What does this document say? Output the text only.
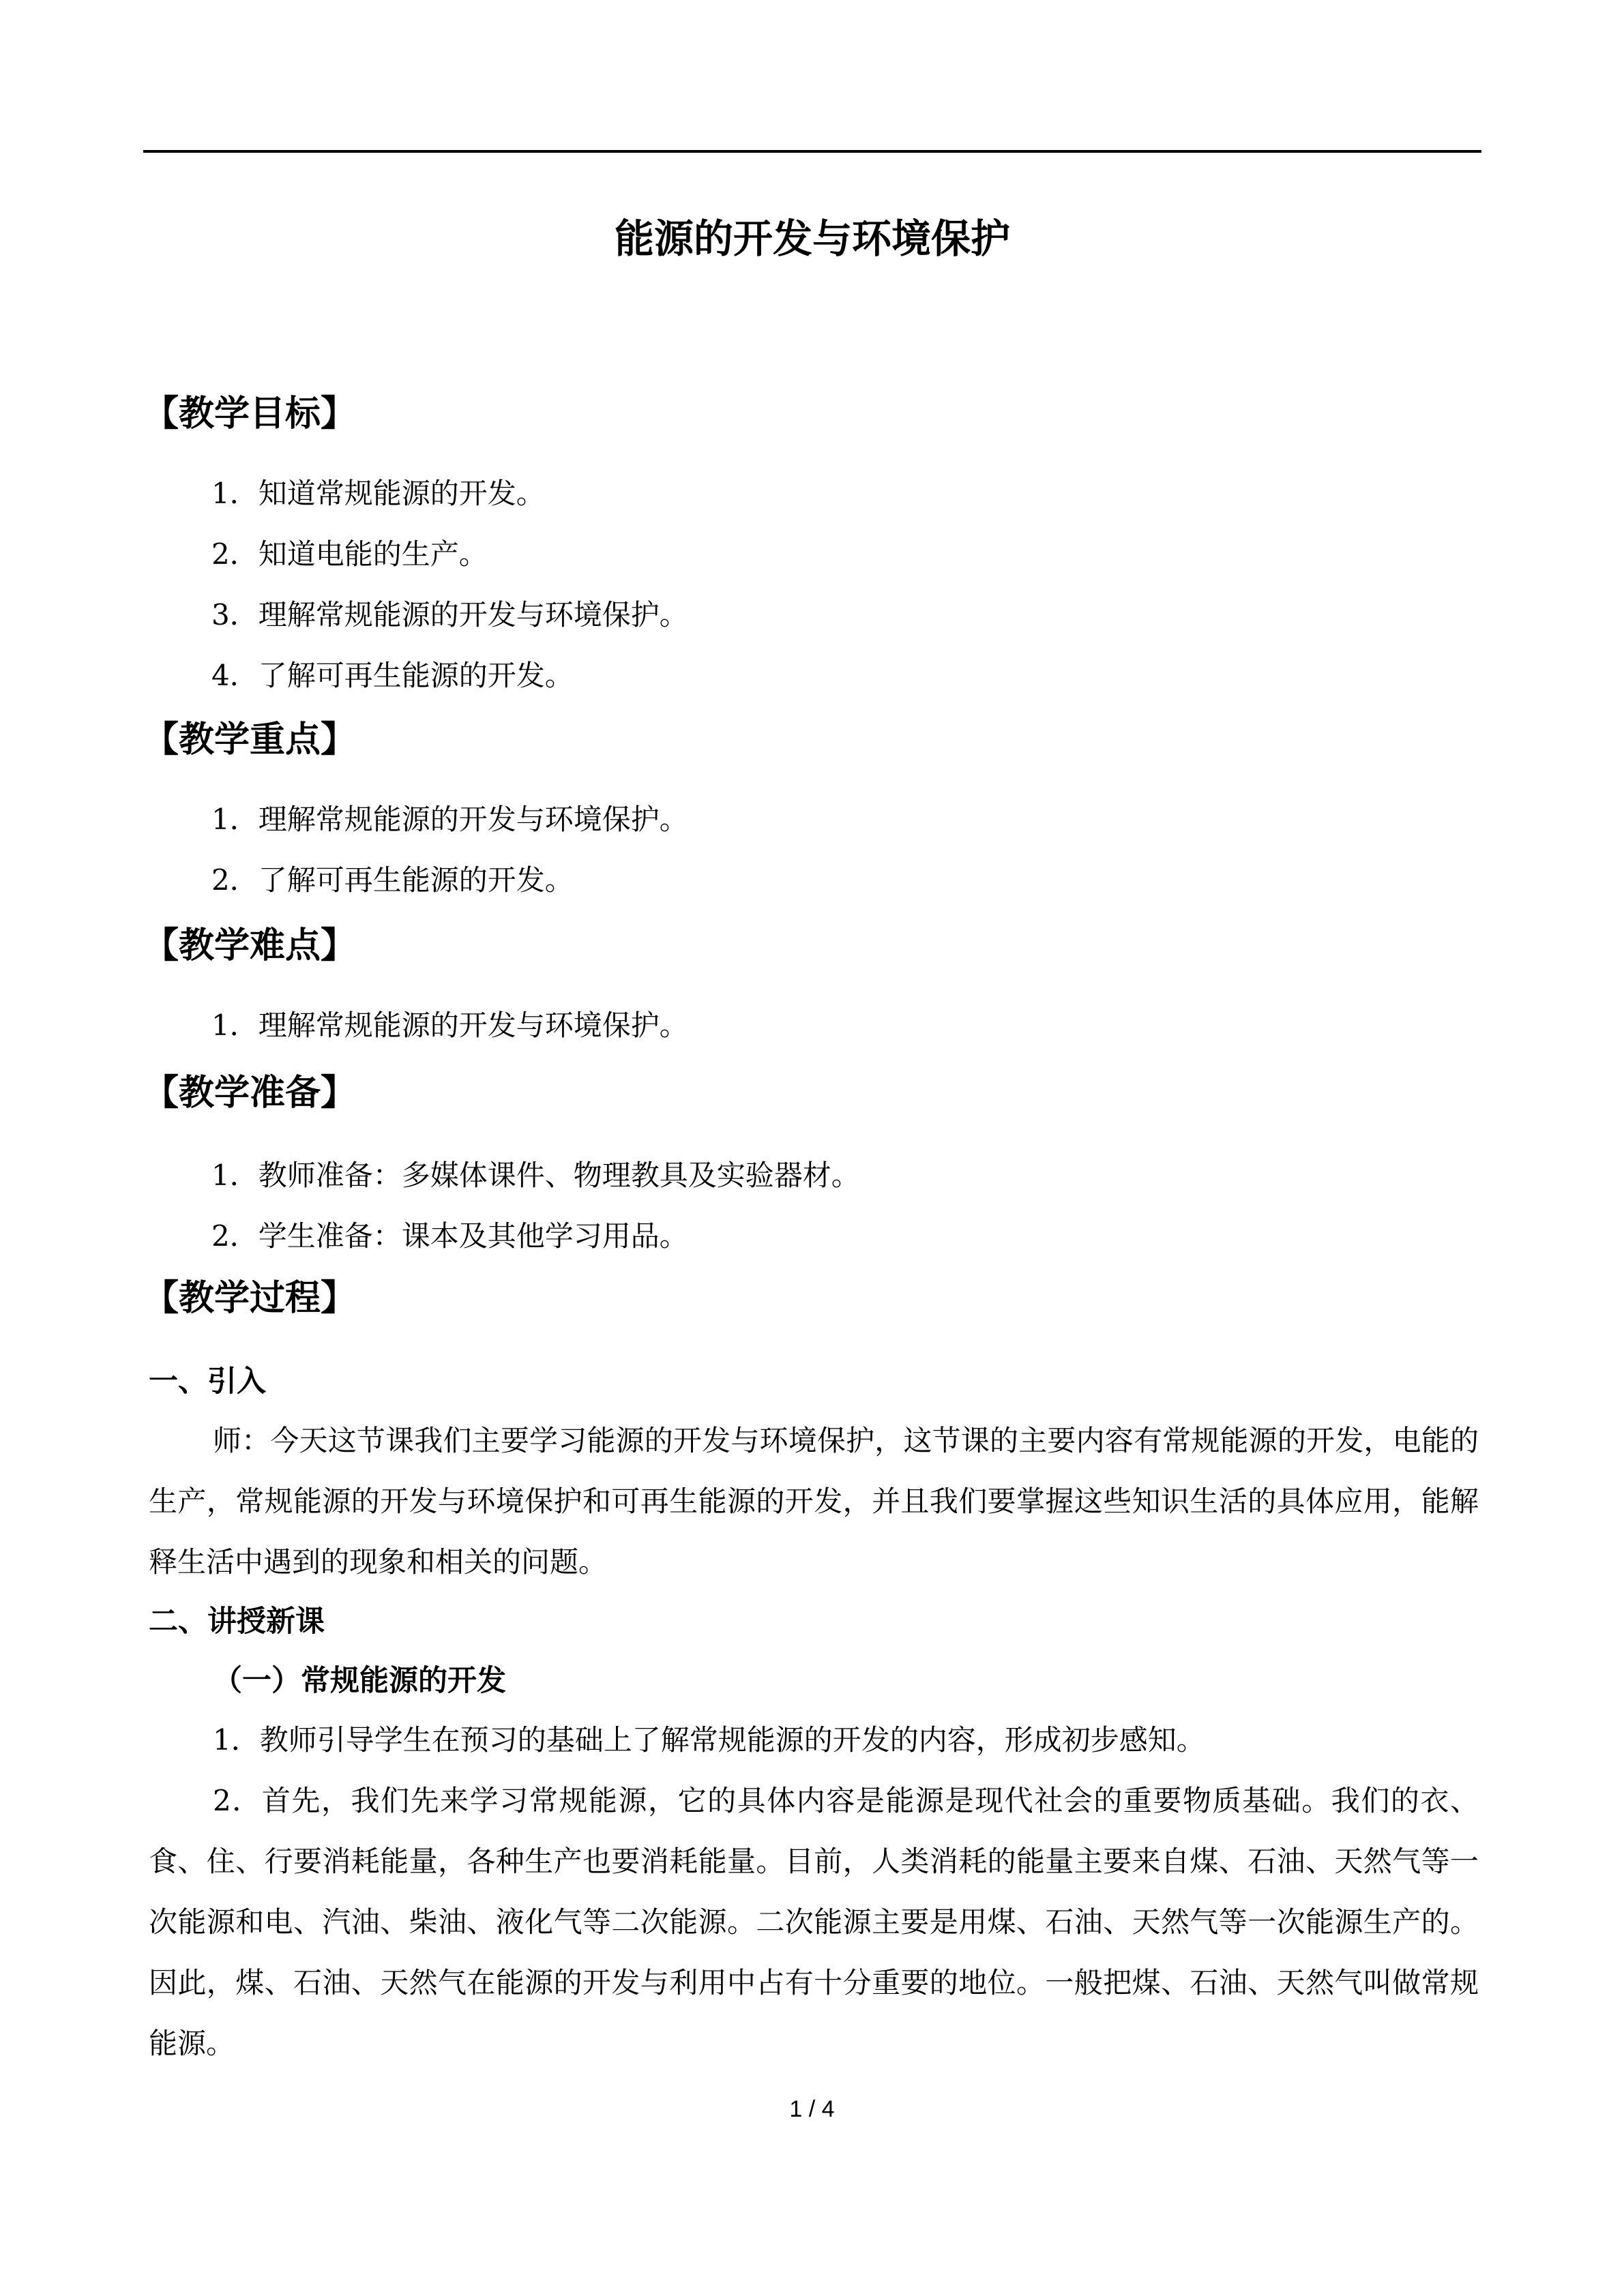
能源的开发与环境保护
【教学目标】
1．知道常规能源的开发。
2．知道电能的生产。
3．理解常规能源的开发与环境保护。
4．了解可再生能源的开发。
【教学重点】
1．理解常规能源的开发与环境保护。
2．了解可再生能源的开发。
【教学难点】
1．理解常规能源的开发与环境保护。
【教学准备】
1．教师准备：多媒体课件、物理教具及实验器材。
2．学生准备：课本及其他学习用品。
【教学过程】
一、引入
师：今天这节课我们主要学习能源的开发与环境保护，这节课的主要内容有常规能源的开发，电能的生产，常规能源的开发与环境保护和可再生能源的开发，并且我们要掌握这些知识生活的具体应用，能解释生活中遇到的现象和相关的问题。
二、讲授新课
（一）常规能源的开发
1．教师引导学生在预习的基础上了解常规能源的开发的内容，形成初步感知。
2．首先，我们先来学习常规能源，它的具体内容是能源是现代社会的重要物质基础。我们的衣、食、住、行要消耗能量，各种生产也要消耗能量。目前，人类消耗的能量主要来自煤、石油、天然气等一次能源和电、汽油、柴油、液化气等二次能源。二次能源主要是用煤、石油、天然气等一次能源生产的。因此，煤、石油、天然气在能源的开发与利用中占有十分重要的地位。一般把煤、石油、天然气叫做常规能源。
1 / 4
